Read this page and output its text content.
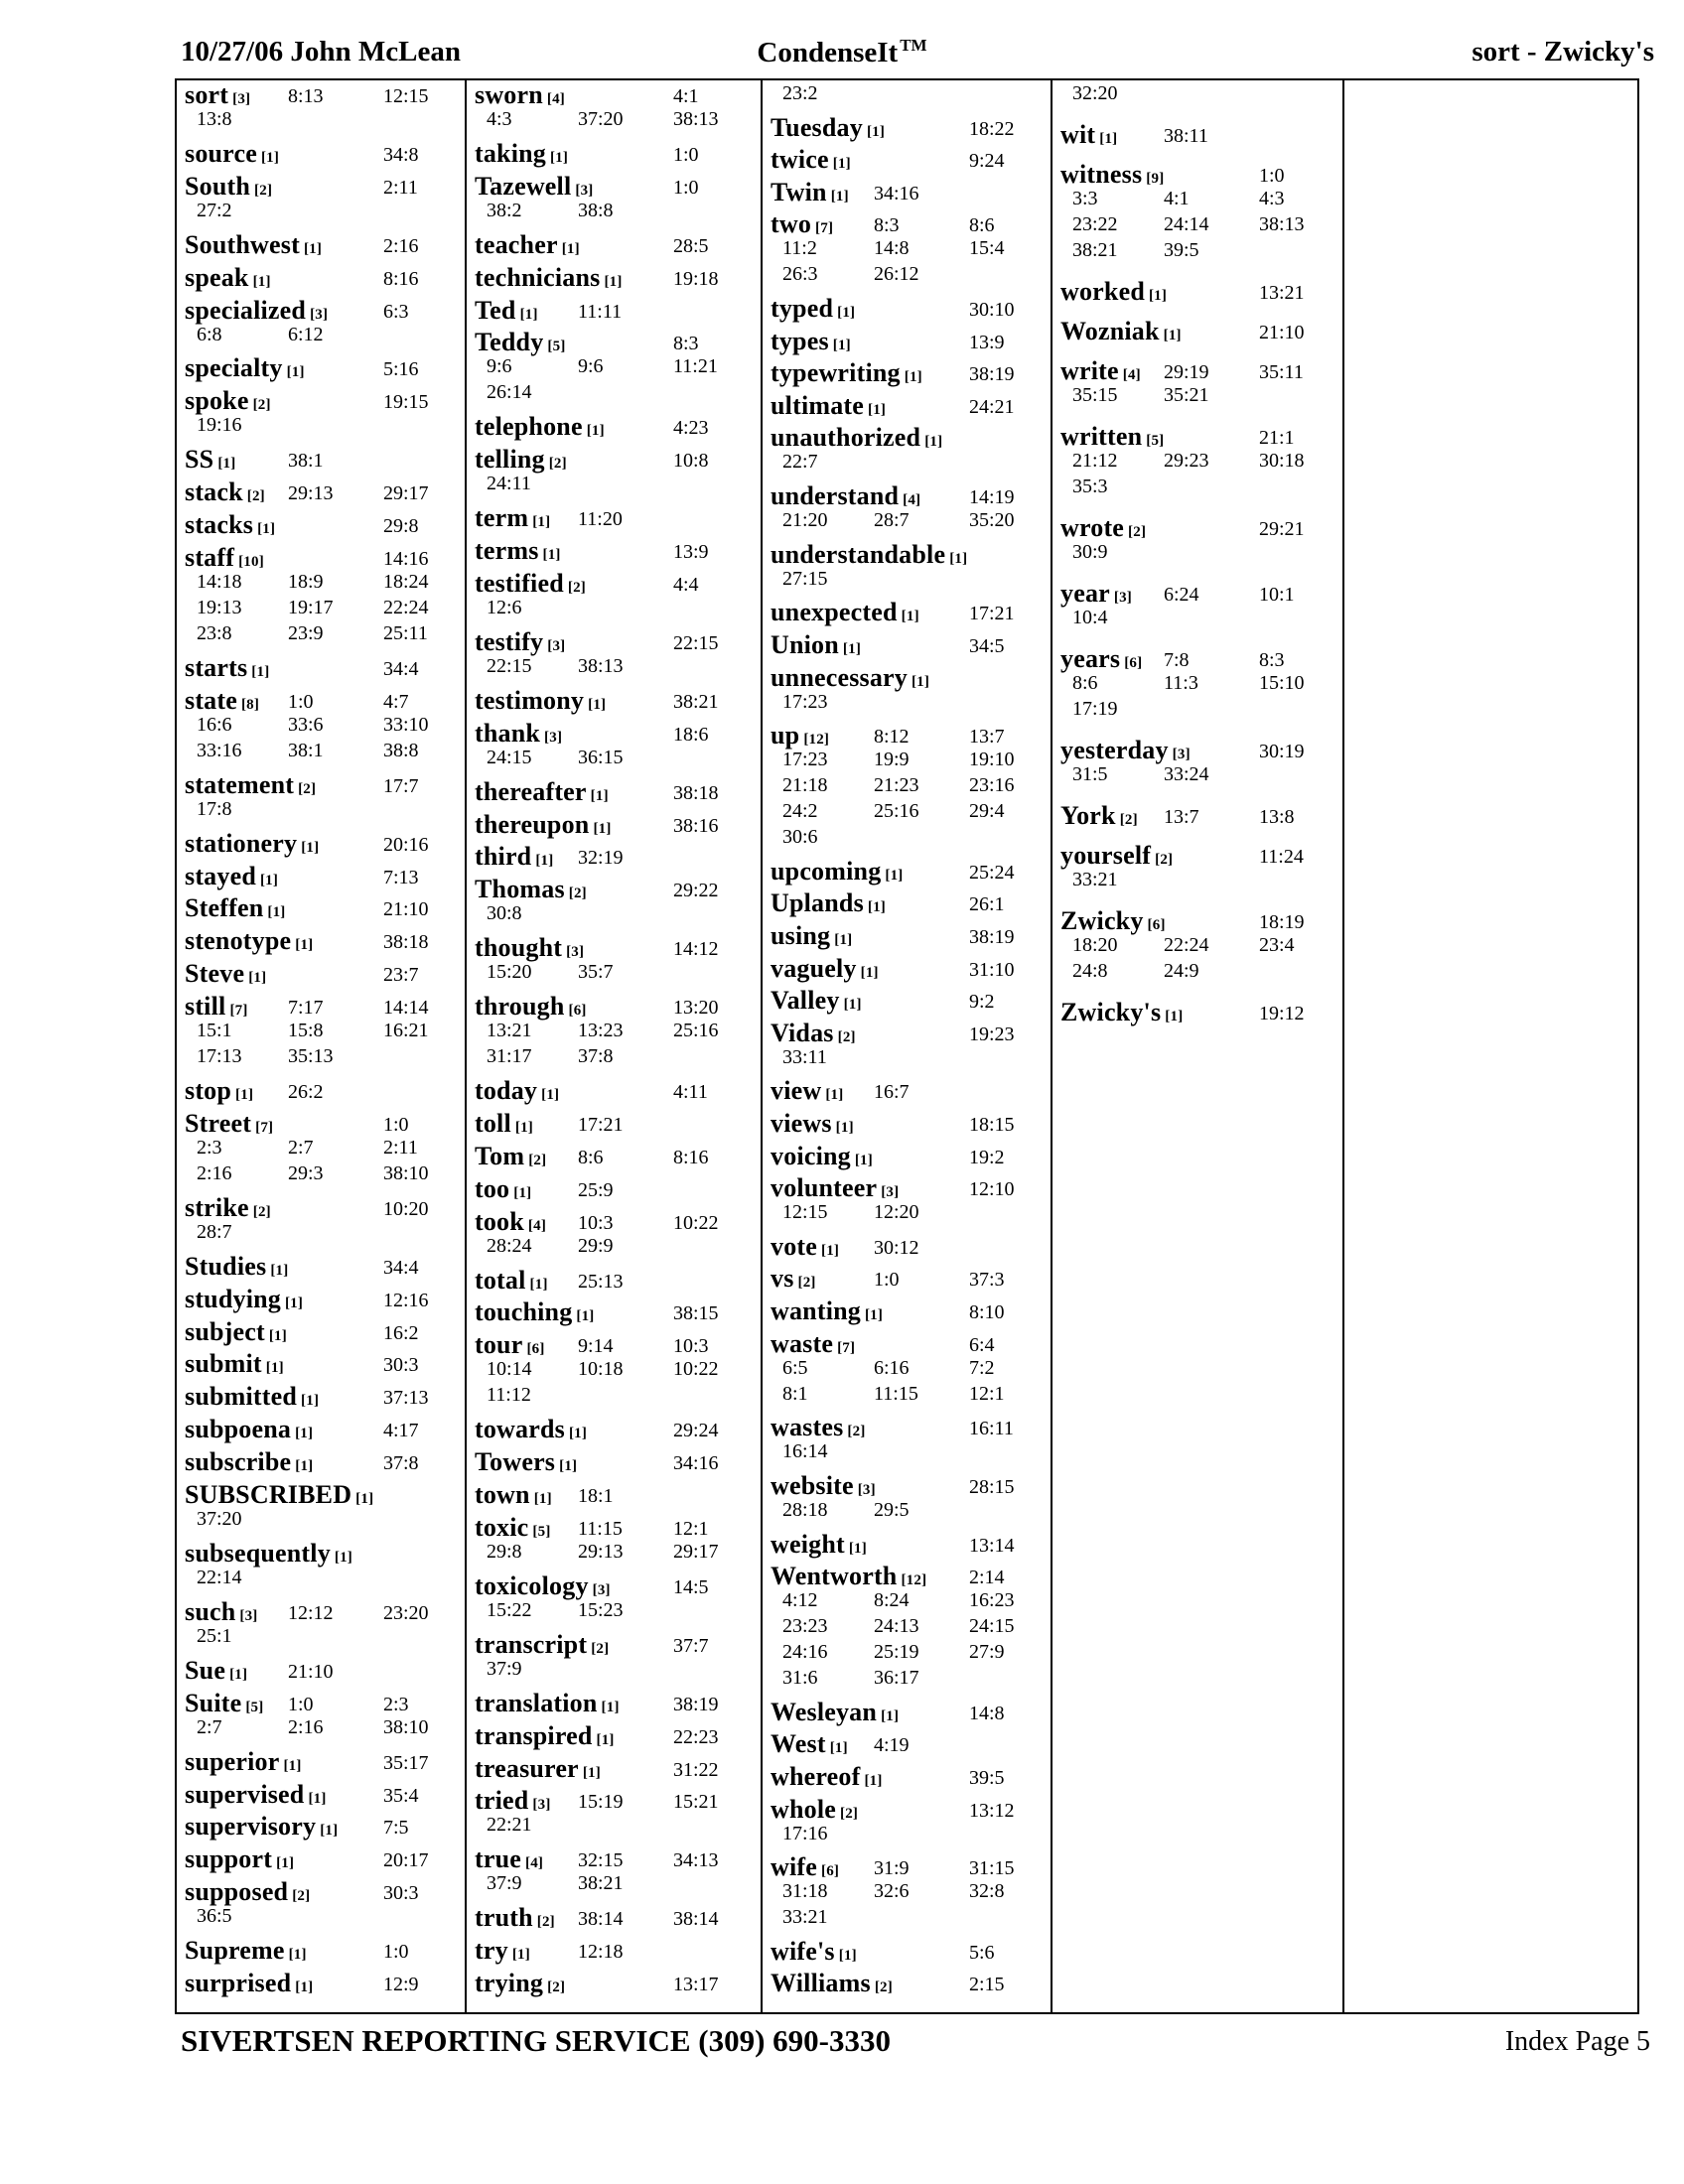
10/27/06 John McLean	CondenseIt ™	sort - Zwicky's
sort [3] 8:13	12:15
13:8
source [1]	34:8
South [2]	2:11
27:2
Southwest [1]	2:16
speak [1]	8:16
specialized [3]	6:3
6:8	6:12
specialty [1]	5:16
spoke [2]	19:15
19:16
SS [1]	38:1
stack [2] 29:13	29:17
stacks [1]	29:8
staff [10]	14:16
14:18 18:9	18:24
19:13 19:17	22:24
23:8	23:9	25:11
starts [1]	34:4
state [8] 1:0	4:7
16:6	33:6	33:10
33:16 38:1	38:8
statement [2]	17:7
17:8
stationery [1]	20:16
stayed [1]	7:13
Steffen [1]	21:10
stenotype [1]	38:18
Steve [1]	23:7
still [7] 7:17	14:14
15:1	15:8	16:21
17:13 35:13
stop [1] 26:2
Street [7]	1:0
2:3	2:7	2:11
2:16	29:3	38:10
strike [2]	10:20
28:7
Studies [1]	34:4
studying [1]	12:16
subject [1]	16:2
submit [1]	30:3
submitted [1]	37:13
subpoena [1]	4:17
subscribe [1]	37:8
SUBSCRIBED [1]
37:20
subsequently [1]
22:14
such [3] 12:12	23:20
25:1
Sue [1] 21:10
Suite [5] 1:0	2:3
2:7	2:16	38:10
superior [1]	35:17
supervised [1]	35:4
supervisory [1] 7:5
support [1]	20:17
supposed [2]	30:3
36:5
Supreme [1]	1:0
surprised [1]	12:9
sworn [4]	4:1
4:3	37:20	38:13
taking [1]	1:0
Tazewell [3]	1:0
38:2	38:8
teacher [1]	28:5
technicians [1]	19:18
Ted [1] 11:11
Teddy [5]	8:3
9:6	9:6	11:21
26:14
telephone [1]	4:23
telling [2]	10:8
24:11
term [1] 11:20
terms [1]	13:9
testified [2]	4:4
12:6
testify [3]	22:15
22:15 38:13
testimony [1]	38:21
thank [3]	18:6
24:15 36:15
thereafter [1]	38:18
thereupon [1]	38:16
third [1] 32:19
Thomas [2]	29:22
30:8
thought [3]	14:12
15:20 35:7
through [6]	13:20
13:21 13:23	25:16
31:17 37:8
today [1]	4:11
toll [1] 17:21
Tom [2] 8:6	8:16
too [1] 25:9
took [4] 10:3	10:22
28:24 29:9
total [1] 25:13
touching [1]	38:15
tour [6] 9:14	10:3
10:14 10:18	10:22
11:12
towards [1]	29:24
Towers [1]	34:16
town [1] 18:1
toxic [5] 11:15	12:1
29:8	29:13	29:17
toxicology [3]	14:5
15:22 15:23
transcript [2]	37:7
37:9
translation [1]	38:19
transpired [1]	22:23
treasurer [1]	31:22
tried [3] 15:19	15:21
22:21
true [4] 32:15	34:13
37:9	38:21
truth [2] 38:14	38:14
try [1] 12:18
trying [2]	13:17
23:2
Tuesday [1]	18:22
twice [1]	9:24
Twin [1] 34:16
two [7] 8:3	8:6
11:2	14:8	15:4
26:3	26:12
typed [1]	30:10
types [1]	13:9
typewriting [1] 38:19
ultimate [1]	24:21
unauthorized [1]
22:7
understand [4] 14:19
21:20 28:7	35:20
understandable [1]
27:15
unexpected [1]	17:21
Union [1]	34:5
unnecessary [1]
17:23
up [12] 8:12	13:7
17:23 19:9	19:10
21:18 21:23	23:16
24:2	25:16	29:4
30:6
upcoming [1]	25:24
Uplands [1]	26:1
using [1]	38:19
vaguely [1]	31:10
Valley [1]	9:2
Vidas [2]	19:23
33:11
view [1] 16:7
views [1]	18:15
voicing [1]	19:2
volunteer [3]	12:10
12:15 12:20
vote [1] 30:12
vs [2]	1:0	37:3
wanting [1]	8:10
waste [7]	6:4
6:5	6:16	7:2
8:1	11:15	12:1
wastes [2]	16:11
16:14
website [3]	28:15
28:18 29:5
weight [1]	13:14
Wentworth [12] 2:14
4:12	8:24	16:23
23:23 24:13	24:15
24:16 25:19	27:9
31:6	36:17
Wesleyan [1]	14:8
West [1] 4:19
whereof [1]	39:5
whole [2]	13:12
17:16
wife [6] 31:9	31:15
31:18 32:6	32:8
33:21
wife's [1]	5:6
Williams [2]	2:15
32:20
wit [1] 38:11
witness [9]	1:0
3:3	4:1	4:3
23:22 24:14	38:13
38:21 39:5
worked [1]	13:21
Wozniak [1]	21:10
write [4] 29:19	35:11
35:15 35:21
written [5]	21:1
21:12 29:23	30:18
35:3
wrote [2]	29:21
30:9
year [3] 6:24	10:1
10:4
years [6] 7:8	8:3
8:6	11:3	15:10
17:19
yesterday [3]	30:19
31:5	33:24
York [2] 13:7	13:8
yourself [2]	11:24
33:21
Zwicky [6]	18:19
18:20 22:24	23:4
24:8	24:9
Zwicky's [1]	19:12
SIVERTSEN REPORTING SERVICE (309) 690-3330	Index Page 5
